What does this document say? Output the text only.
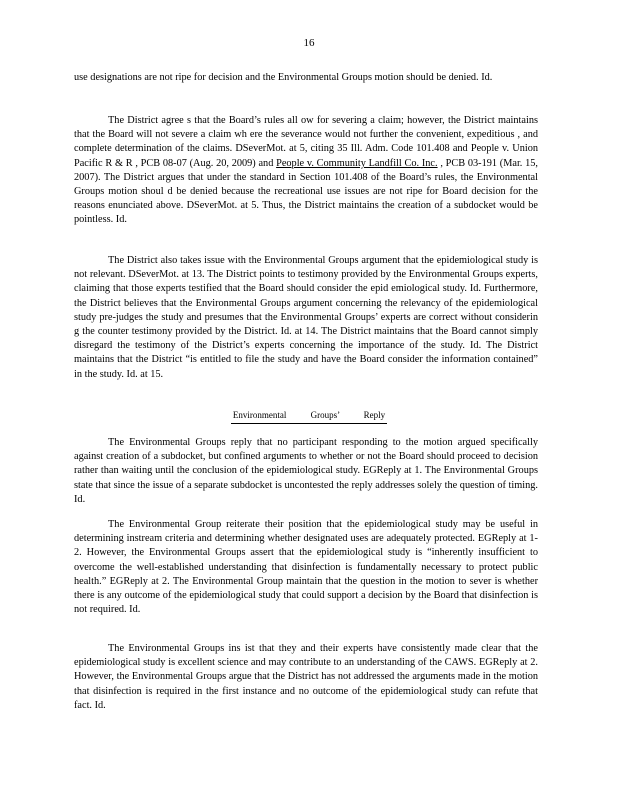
16

use designations are not ripe for decision and the Environmental Groups motion should be denied. Id.

The District agree s that the Board’s rules all ow for severing a claim; however, the District maintains that the Board will not severe a claim wh ere the severance would not further the convenient, expeditious , and complete determination of the claims. DSeverMot. at 5, citing 35 Ill. Adm. Code 101.408 and People v. Union Pacific R & R , PCB 08-07 (Aug. 20, 2009) and People v. Community Landfill Co. Inc. , PCB 03-191 (Mar. 15, 2007). The District argues that under the standard in Section 101.408 of the Board’s rules, the Environmental Groups motion shoul d be denied because the recreational use issues are not ripe for Board decision for the reasons enunciated above. DSeverMot. at 5. Thus, the District maintains the creation of a subdocket would be pointless. Id.

The District also takes issue with the Environmental Groups argument that the epidemiological study is not relevant. DSeverMot. at 13. The District points to testimony provided by the Environmental Groups experts, claiming that those experts testified that the Board should consider the epid emiological study. Id. Furthermore, the District believes that the Environmental Groups argument concerning the relevancy of the epidemiological study pre-judges the study and presumes that the Environmental Groups’ experts are correct without considerin g the counter testimony provided by the District. Id. at 14. The District maintains that the Board cannot simply disregard the testimony of the District’s experts concerning the importance of the study. Id. The District maintains that the District “is entitled to file the study and have the Board consider the information contained” in the study. Id. at 15.

Environmental Groups’ Reply

The Environmental Groups reply that no participant responding to the motion argued specifically against creation of a subdocket, but confined arguments to whether or not the Board should proceed to decision rather than waiting until the conclusion of the epidemiological study. EGReply at 1. The Environmental Groups state that since the issue of a separate subdocket is uncontested the reply addresses solely the question of timing. Id.

The Environmental Group reiterate their position that the epidemiological study may be useful in determining instream criteria and determining whether designated uses are adequately protected. EGReply at 1-2. However, the Environmental Groups assert that the epidemiological study is “inherently insufficient to overcome the well-established understanding that disinfection is fundamentally necessary to protect public health.” EGReply at 2. The Environmental Group maintain that the question in the motion to sever is whether there is any outcome of the epidemiological study that could support a decision by the Board that disinfection is not required. Id.

The Environmental Groups ins ist that they and their experts have consistently made clear that the epidemiological study is excellent science and may contribute to an understanding of the CAWS. EGReply at 2. However, the Environmental Groups argue that the District has not addressed the arguments made in the motion that disinfection is required in the first instance and no outcome of the epidemiological study can refute that fact. Id.
